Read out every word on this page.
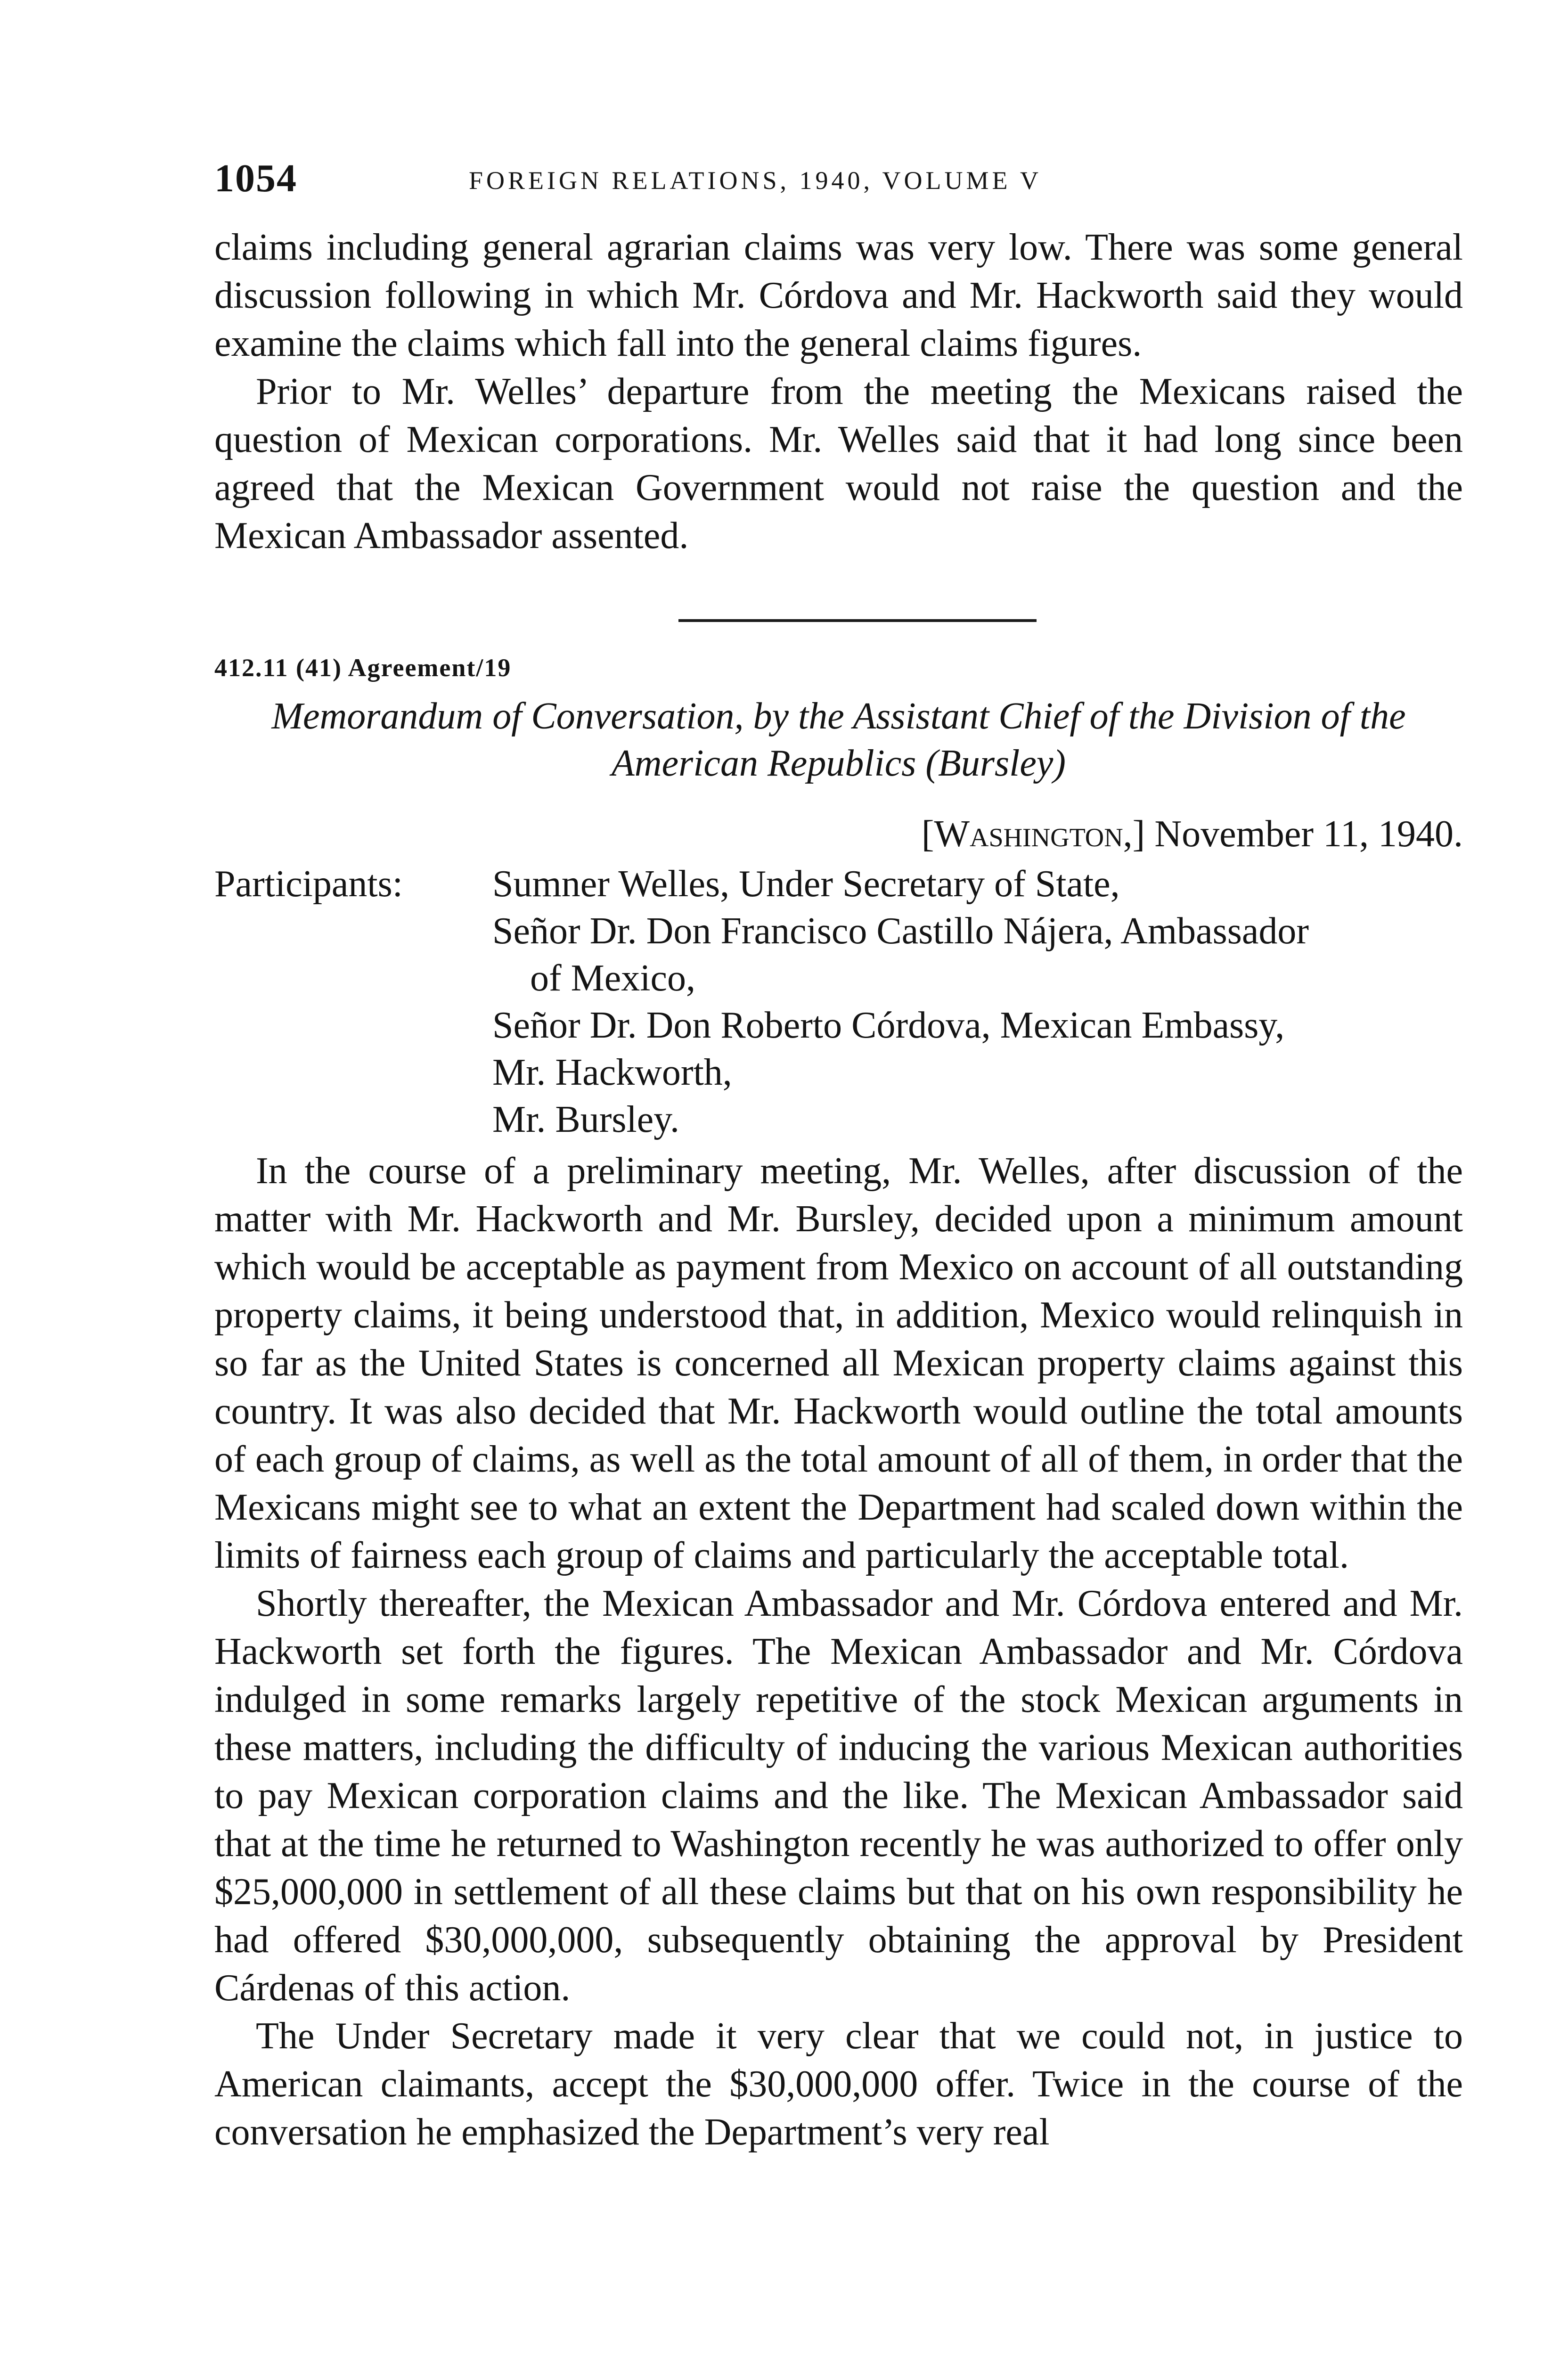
1054	FOREIGN RELATIONS, 1940, VOLUME V

claims including general agrarian claims was very low. There was some general discussion following in which Mr. Córdova and Mr. Hackworth said they would examine the claims which fall into the general claims figures.

Prior to Mr. Welles’ departure from the meeting the Mexicans raised the question of Mexican corporations. Mr. Welles said that it had long since been agreed that the Mexican Government would not raise the question and the Mexican Ambassador assented.

412.11 (41) Agreement/19
Memorandum of Conversation, by the Assistant Chief of the Division of the American Republics (Bursley)
[Washington,] November 11, 1940.
Participants:	Sumner Welles, Under Secretary of State,
Señor Dr. Don Francisco Castillo Nájera, Ambassador
of Mexico,
Señor Dr. Don Roberto Córdova, Mexican Embassy,
Mr. Hackworth,
Mr. Bursley.

In the course of a preliminary meeting, Mr. Welles, after discussion of the matter with Mr. Hackworth and Mr. Bursley, decided upon a minimum amount which would be acceptable as payment from Mexico on account of all outstanding property claims, it being understood that, in addition, Mexico would relinquish in so far as the United States is concerned all Mexican property claims against this country. It was also decided that Mr. Hackworth would outline the total amounts of each group of claims, as well as the total amount of all of them, in order that the Mexicans might see to what an extent the Department had scaled down within the limits of fairness each group of claims and particularly the acceptable total.

Shortly thereafter, the Mexican Ambassador and Mr. Córdova entered and Mr. Hackworth set forth the figures. The Mexican Ambassador and Mr. Córdova indulged in some remarks largely repetitive of the stock Mexican arguments in these matters, including the difficulty of inducing the various Mexican authorities to pay Mexican corporation claims and the like. The Mexican Ambassador said that at the time he returned to Washington recently he was authorized to offer only $25,000,000 in settlement of all these claims but that on his own responsibility he had offered $30,000,000, subsequently obtaining the approval by President Cárdenas of this action.

The Under Secretary made it very clear that we could not, in justice to American claimants, accept the $30,000,000 offer. Twice in the course of the conversation he emphasized the Department’s very real
